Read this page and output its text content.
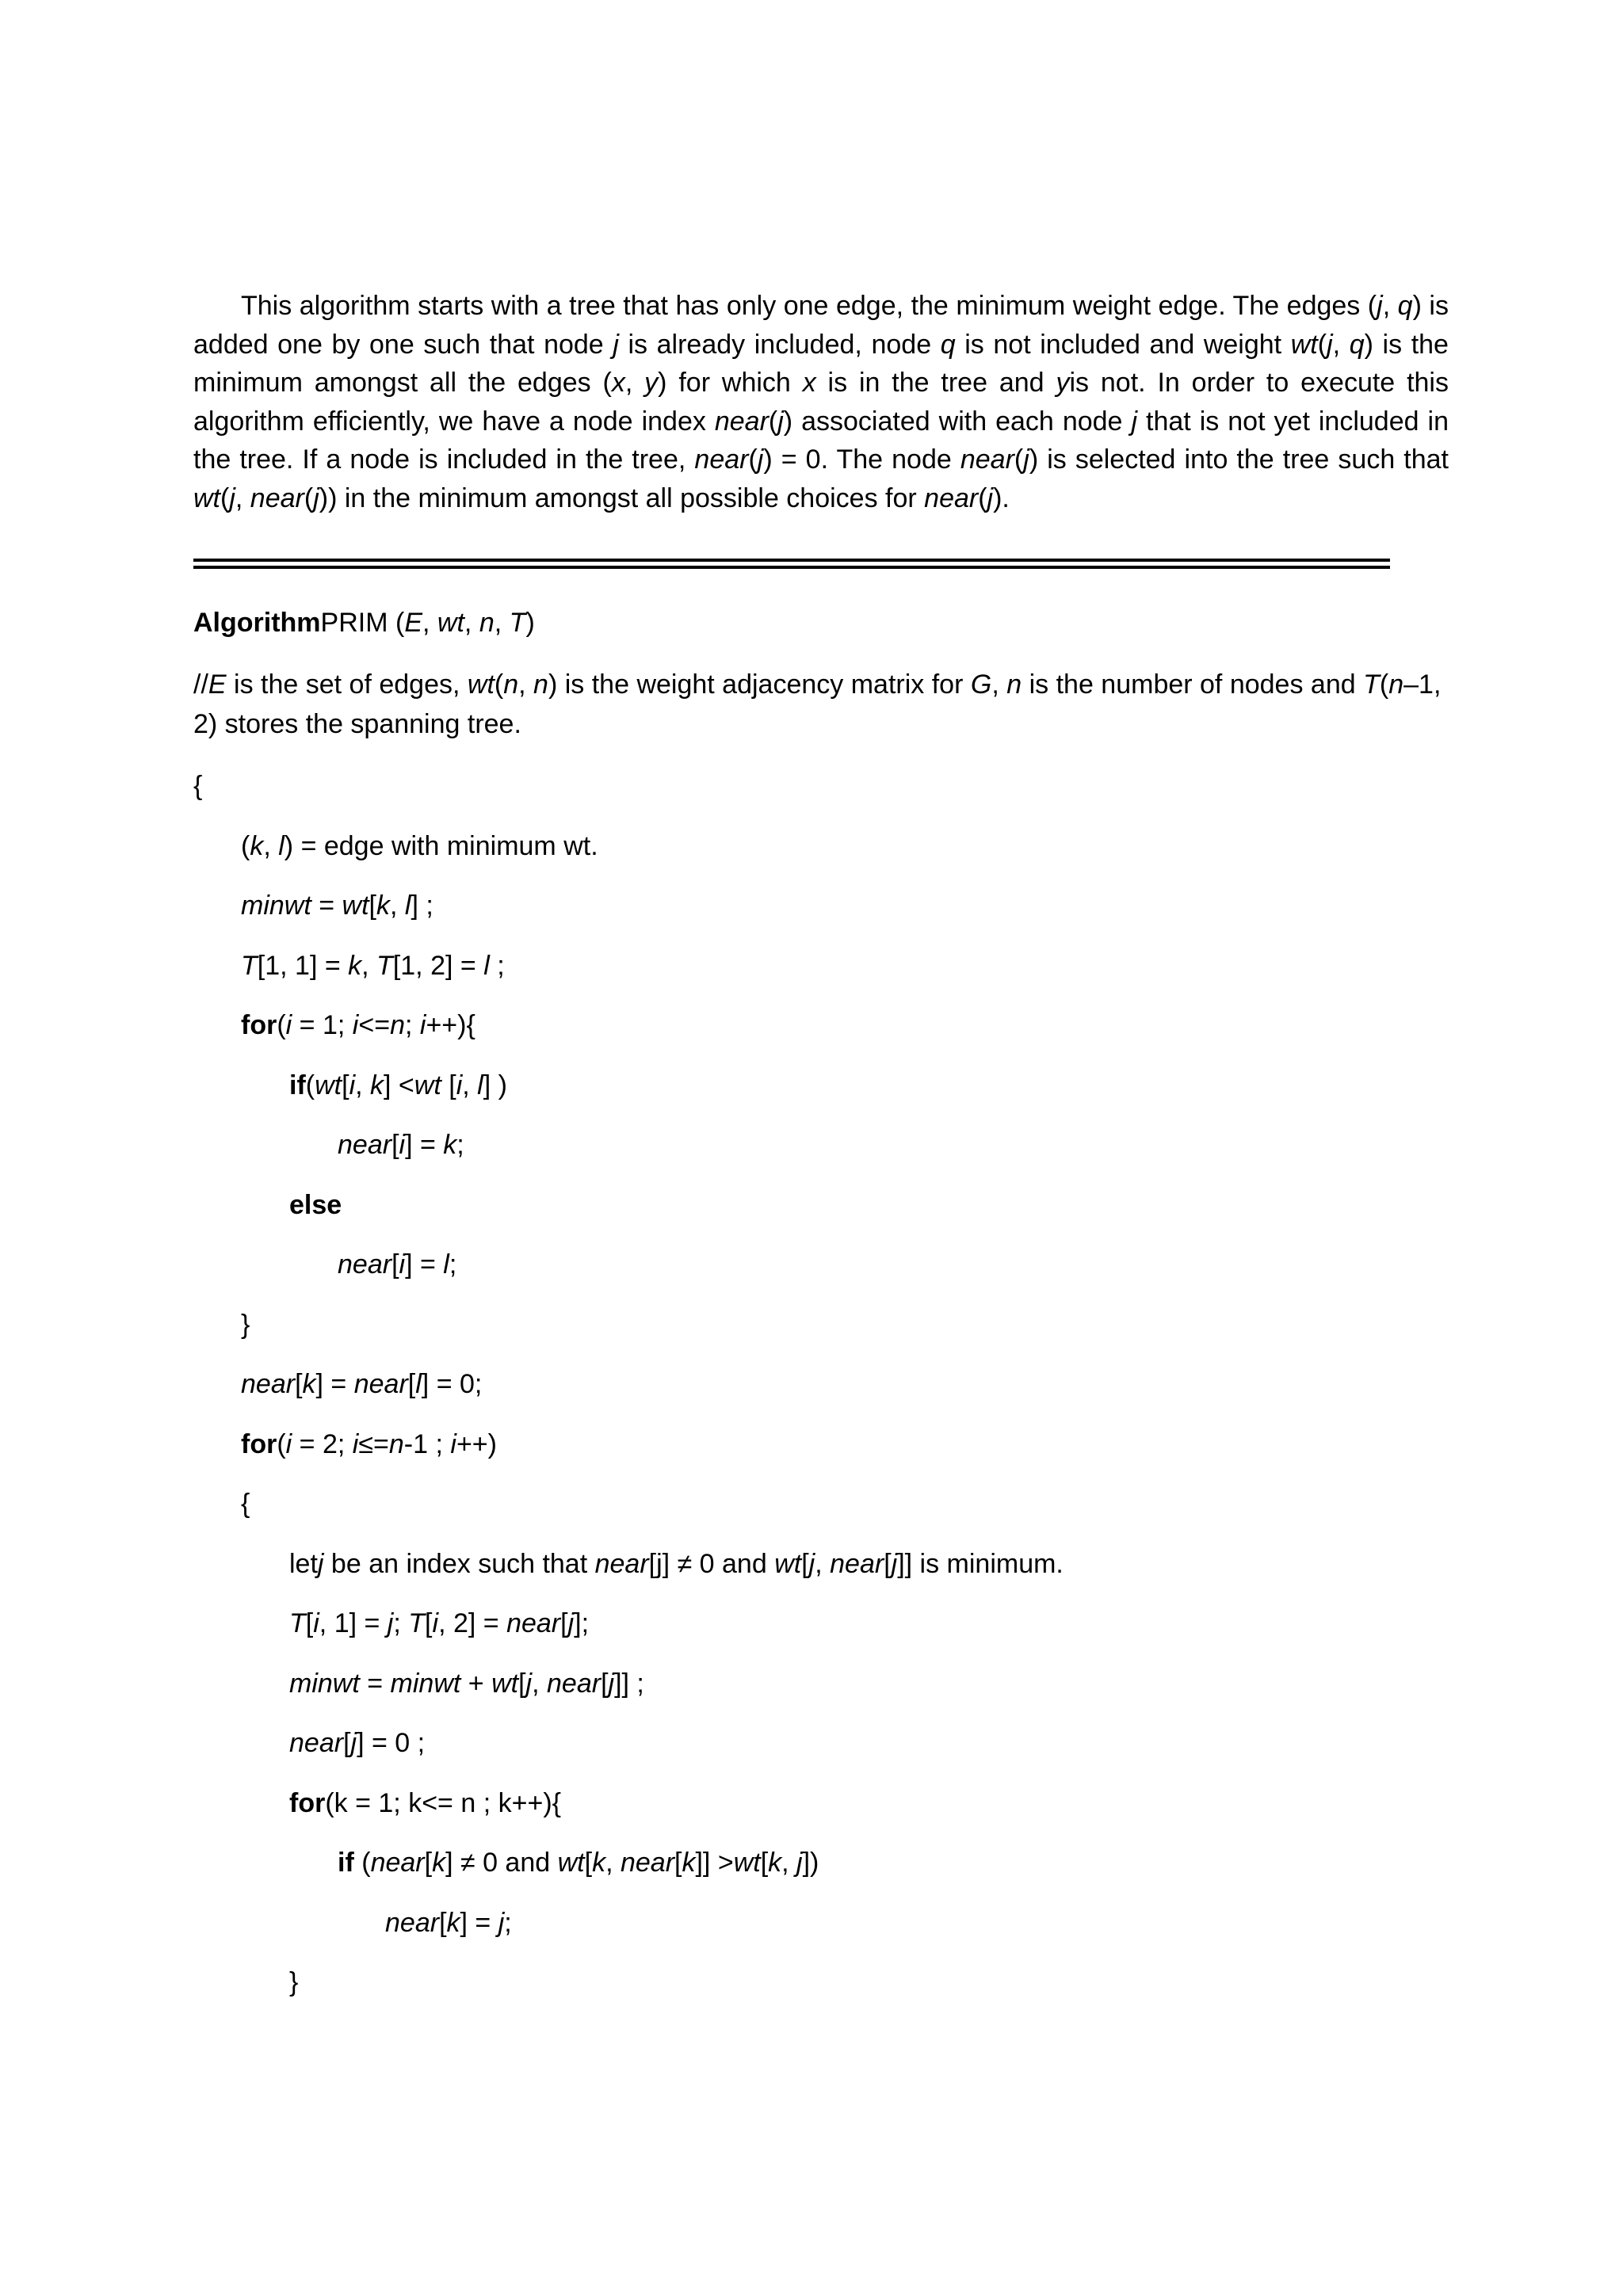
This algorithm starts with a tree that has only one edge, the minimum weight edge. The edges (j, q) is added one by one such that node j is already included, node q is not included and weight wt(j, q) is the minimum amongst all the edges (x, y) for which x is in the tree and yis not. In order to execute this algorithm efficiently, we have a node index near(j) associated with each node j that is not yet included in the tree. If a node is included in the tree, near(j) = 0. The node near(j) is selected into the tree such that wt(j, near(j)) in the minimum amongst all possible choices for near(j).

AlgorithmPRIM (E, wt, n, T)

//E is the set of edges, wt(n, n) is the weight adjacency matrix for G, n is the number of nodes and T(n–1, 2) stores the spanning tree.

{
(k, l) = edge with minimum wt.
minwt = wt[k, l] ;
T[1, 1] = k, T[1, 2] = l ;
for(i = 1; i<=n; i++){
if(wt[i, k] <wt [i, l] )
near[i] = k;
else
near[i] = l;
}
near[k] = near[l] = 0;
for(i = 2; i≤=n-1 ; i++)
{
letj be an index such that near[j] ≠ 0 and wt[j, near[j]] is minimum.
T[i, 1] = j; T[i, 2] = near[j];
minwt = minwt + wt[j, near[j]] ;
near[j] = 0 ;
for(k = 1; k<= n ; k++){
if (near[k] ≠ 0 and wt[k, near[k]] >wt[k, j])
near[k] = j;
}
